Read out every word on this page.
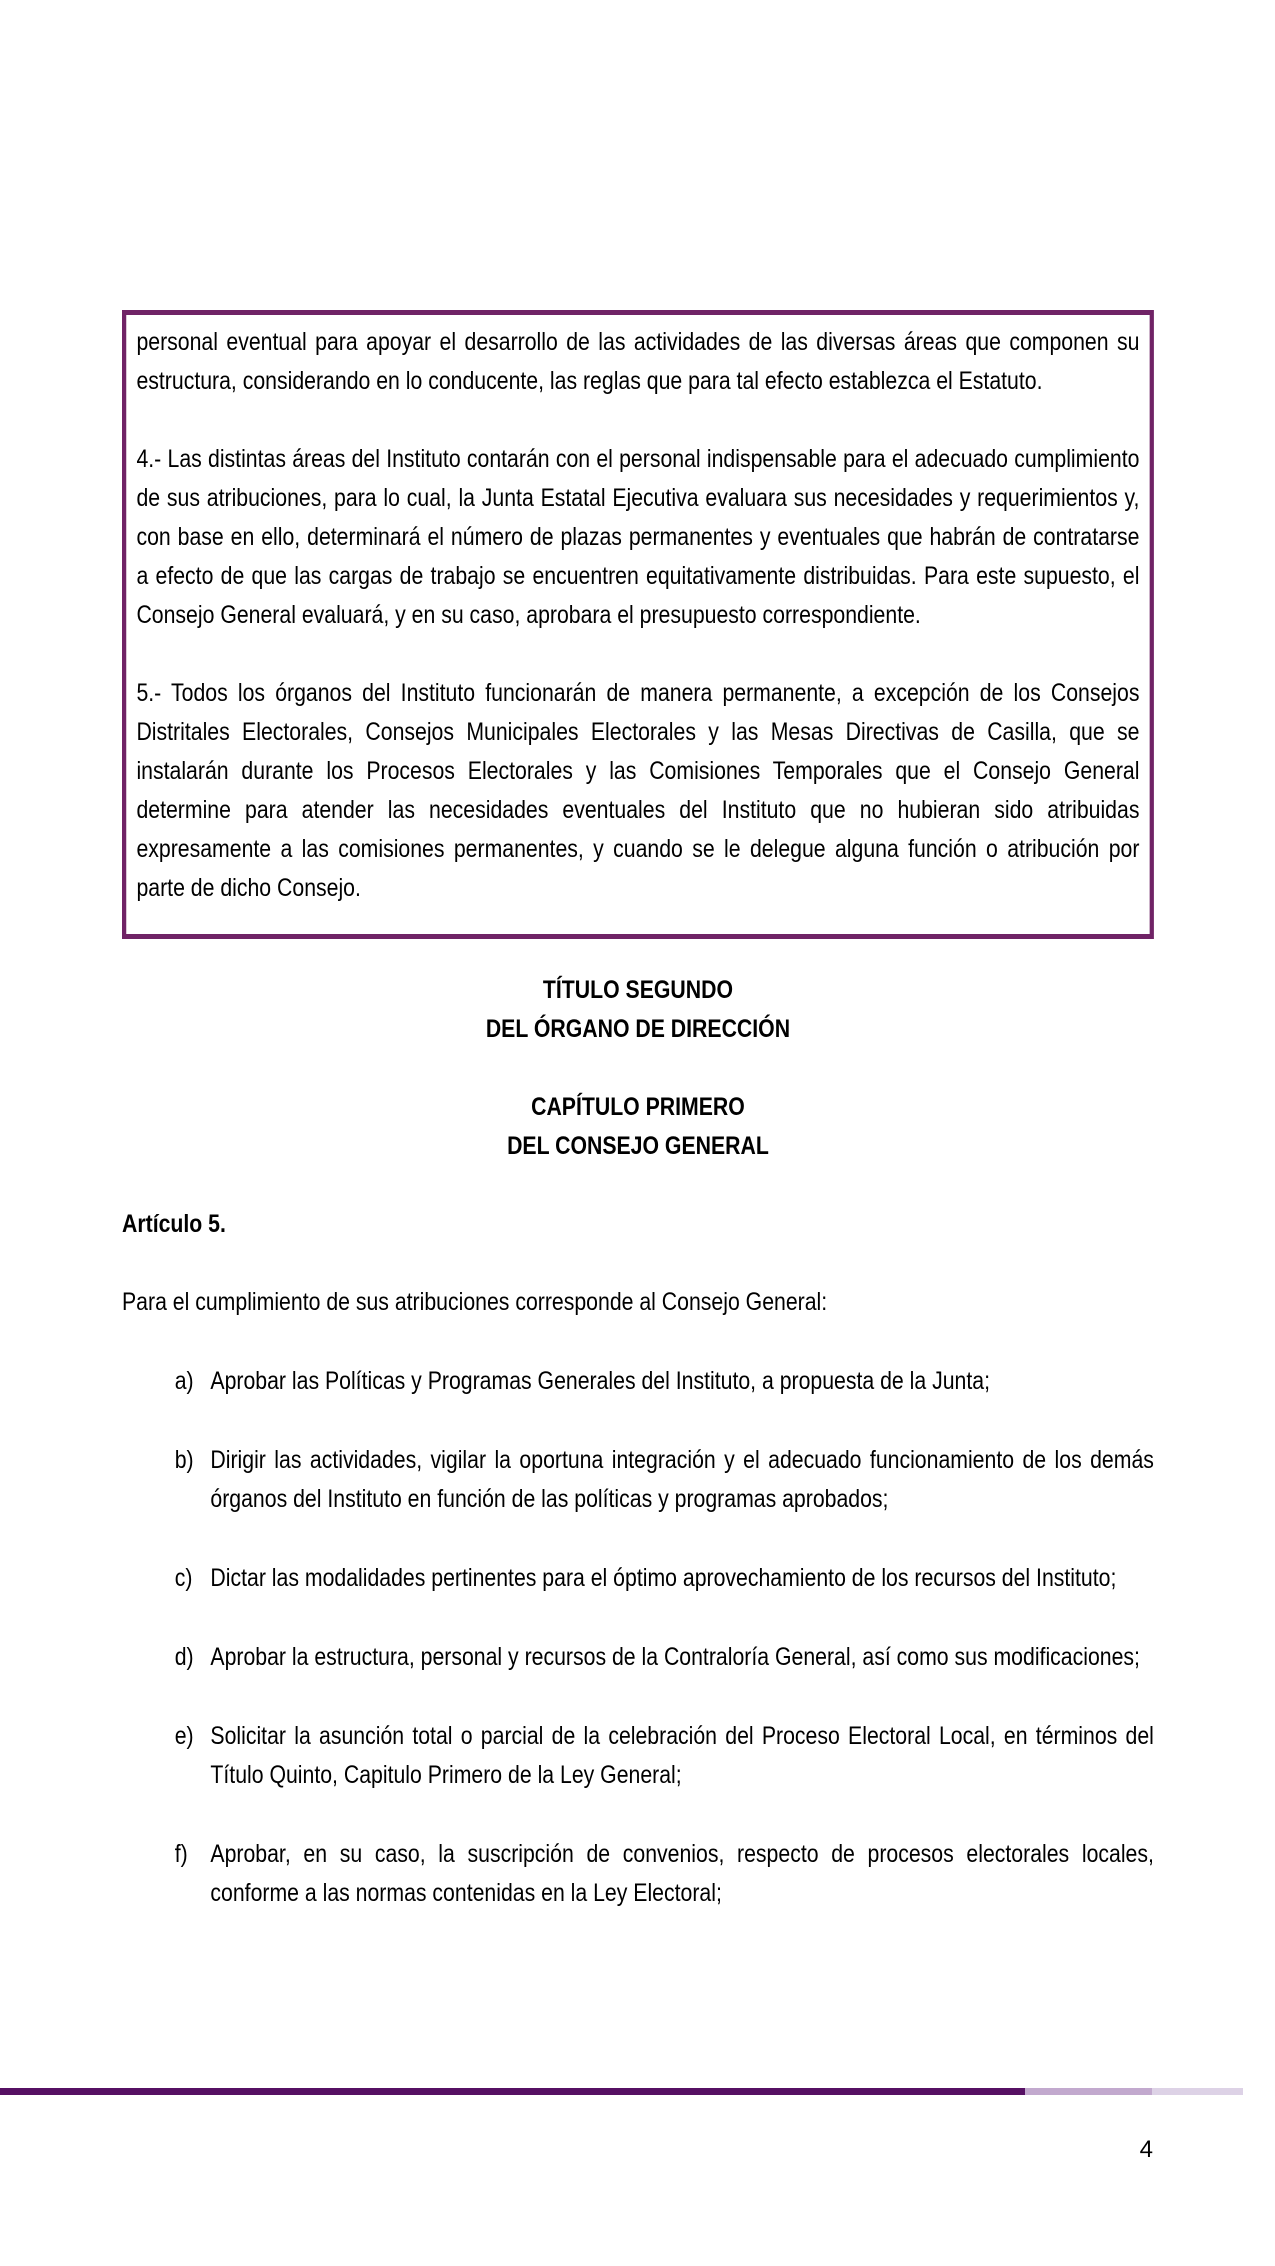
personal eventual para apoyar el desarrollo de las actividades de las diversas áreas que componen su estructura, considerando en lo conducente, las reglas que para tal efecto establezca el Estatuto.

4.- Las distintas áreas del Instituto contarán con el personal indispensable para el adecuado cumplimiento de sus atribuciones, para lo cual, la Junta Estatal Ejecutiva evaluara sus necesidades y requerimientos y, con base en ello, determinará el número de plazas permanentes y eventuales que habrán de contratarse a efecto de que las cargas de trabajo se encuentren equitativamente distribuidas. Para este supuesto, el Consejo General evaluará, y en su caso, aprobara el presupuesto correspondiente.

5.- Todos los órganos del Instituto funcionarán de manera permanente, a excepción de los Consejos Distritales Electorales, Consejos Municipales Electorales y las Mesas Directivas de Casilla, que se instalarán durante los Procesos Electorales y las Comisiones Temporales que el Consejo General determine para atender las necesidades eventuales del Instituto que no hubieran sido atribuidas expresamente a las comisiones permanentes, y cuando se le delegue alguna función o atribución por parte de dicho Consejo.

TÍTULO SEGUNDO
DEL ÓRGANO DE DIRECCIÓN
CAPÍTULO PRIMERO
DEL CONSEJO GENERAL
Artículo 5.

Para el cumplimiento de sus atribuciones corresponde al Consejo General:

a) Aprobar las Políticas y Programas Generales del Instituto, a propuesta de la Junta;
b) Dirigir las actividades, vigilar la oportuna integración y el adecuado funcionamiento de los demás órganos del Instituto en función de las políticas y programas aprobados;
c) Dictar las modalidades pertinentes para el óptimo aprovechamiento de los recursos del Instituto;
d) Aprobar la estructura, personal y recursos de la Contraloría General, así como sus modificaciones;
e) Solicitar la asunción total o parcial de la celebración del Proceso Electoral Local, en términos del Título Quinto, Capitulo Primero de la Ley General;
f) Aprobar, en su caso, la suscripción de convenios, respecto de procesos electorales locales, conforme a las normas contenidas en la Ley Electoral;
4
